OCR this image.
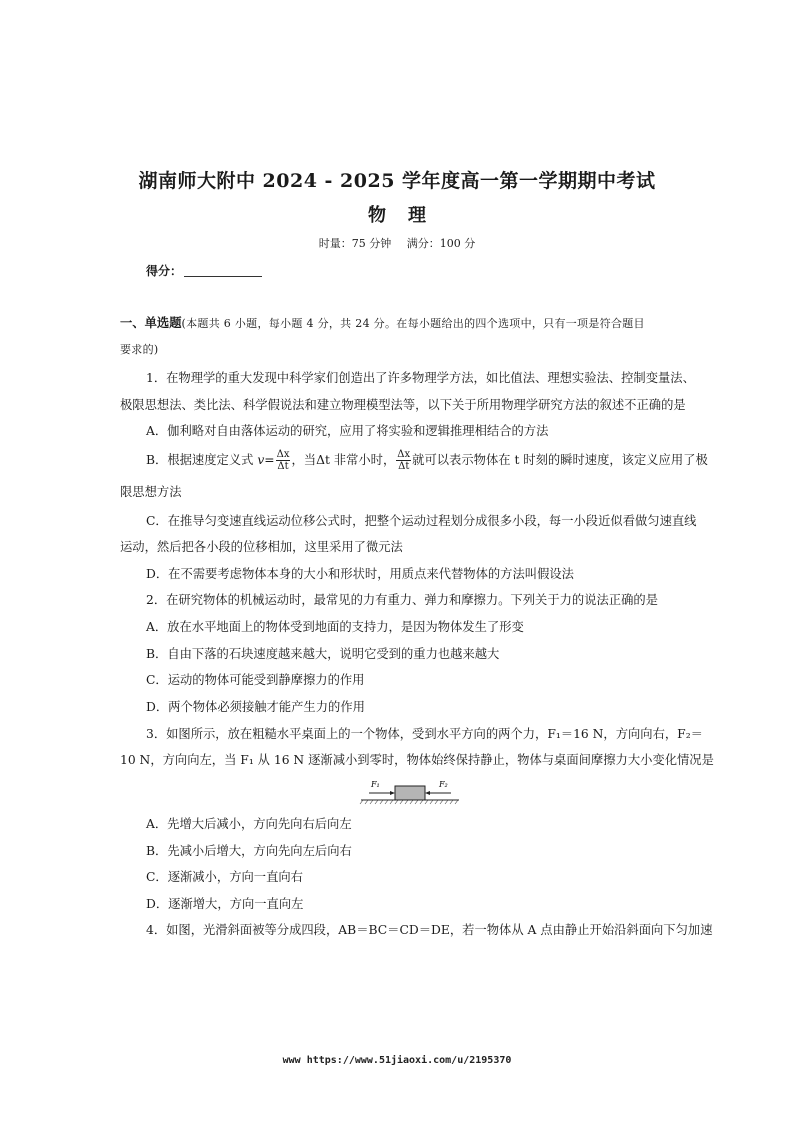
湖南师大附中 2024 - 2025 学年度高一第一学期期中考试
物理
时量：75 分钟 满分：100 分
得分：
一、单选题(本题共 6 小题，每小题 4 分，共 24 分。在每小题给出的四个选项中，只有一项是符合题目
要求的)
1．在物理学的重大发现中科学家们创造出了许多物理学方法，如比值法、理想实验法、控制变量法、
极限思想法、类比法、科学假说法和建立物理模型法等，以下关于所用物理学研究方法的叙述不正确的是
A．伽利略对自由落体运动的研究，应用了将实验和逻辑推理相结合的方法
B．根据速度定义式 $v= \frac{\Delta x}{\Delta t}$ ，当Δt 非常小时， $\frac{\Delta x}{\Delta t}$ 就可以表示物体在 t 时刻的瞬时速度，该定义应用了极
限思想方法
C．在推导匀变速直线运动位移公式时，把整个运动过程划分成很多小段，每一小段近似看做匀速直线
运动，然后把各小段的位移相加，这里采用了微元法
D．在不需要考虑物体本身的大小和形状时，用质点来代替物体的方法叫假设法
2．在研究物体的机械运动时，最常见的力有重力、弹力和摩擦力。下列关于力的说法正确的是
A．放在水平地面上的物体受到地面的支持力，是因为物体发生了形变
B．自由下落的石块速度越来越大，说明它受到的重力也越来越大
C．运动的物体可能受到静摩擦力的作用
D．两个物体必须接触才能产生力的作用
3．如图所示，放在粗糙水平桌面上的一个物体，受到水平方向的两个力，F₁＝16 N，方向向右，F₂＝
10 N，方向向左，当 F₁ 从 16 N 逐渐减小到零时，物体始终保持静止，物体与桌面间摩擦力大小变化情况是
F₁	F₂
A．先增大后减小，方向先向右后向左
B．先减小后增大，方向先向左后向右
C．逐渐减小，方向一直向右
D．逐渐增大，方向一直向左
4．如图，光滑斜面被等分成四段，AB＝BC＝CD＝DE，若一物体从 A 点由静止开始沿斜面向下匀加速
www https://www.51jiaoxi.com/u/2195370
